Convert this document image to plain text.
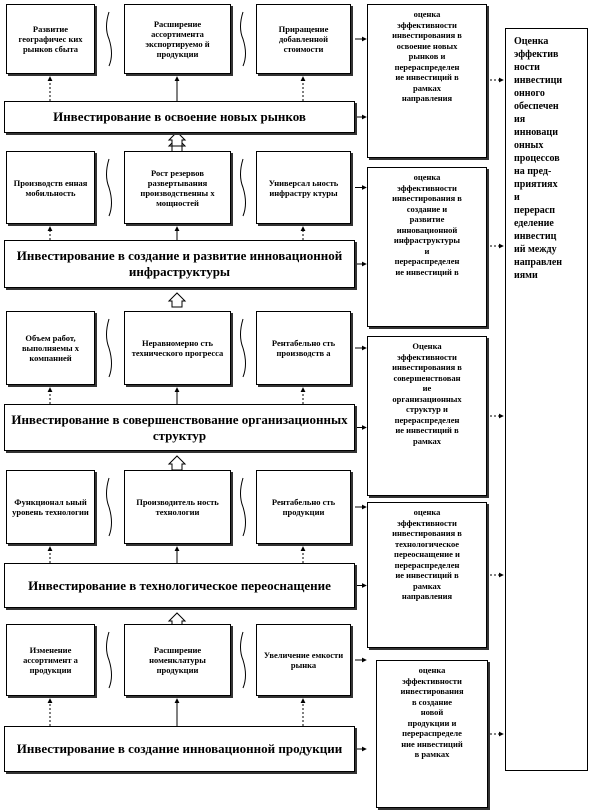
Развитие географичес ких рынков сбыта
Расширение ассортимента экспортируемо й продукции
Приращение добавленной стоимости
Инвестирование в освоение новых рынков
оценка
эффективности
инвестирования в
освоение новых
рынков и
перераспределен
ие инвестиций в
рамках
направления
Производств енная мобильность
Рост резервов развертывания производственны х мощностей
Универсал ьность инфрастру ктуры
Инвестирование в создание и развитие инновационной инфраструктуры
оценка
эффективности
инвестирования в
создание и
развитие
инновационной
инфраструктуры
и
перераспределен
ие инвестиций в
Объем работ, выполняемы х компанией
Неравномерно сть технического прогресса
Рентабельно сть производств а
Инвестирование в совершенствование организационных структур
Оценка
эффективности
инвестирования в
совершенствован
ие
организационных
структур и
перераспределен
ие инвестиций в
рамках
Функционал ьный уровень технологии
Производитель ность технологии
Рентабельно сть продукции
Инвестирование в технологическое переоснащение
оценка
эффективности
инвестирования в
технологическое
переоснащение и
перераспределен
ие инвестиций в
рамках
направления
Изменение ассортимент а продукции
Расширение номенклатуры продукции
Увеличение емкости рынка
Инвестирование в создание инновационной продукции
оценка
эффективности
инвестирования
в создание
новой
продукции и
перераспределе
ние инвестиций
в рамках
Оценка
эффектив
ности
инвестици
онного
обеспечен
ия
инноваци
онных
процессов
на пред-
приятиях
и
перерасп
еделение
инвестиц
ий между
направлен
иями
